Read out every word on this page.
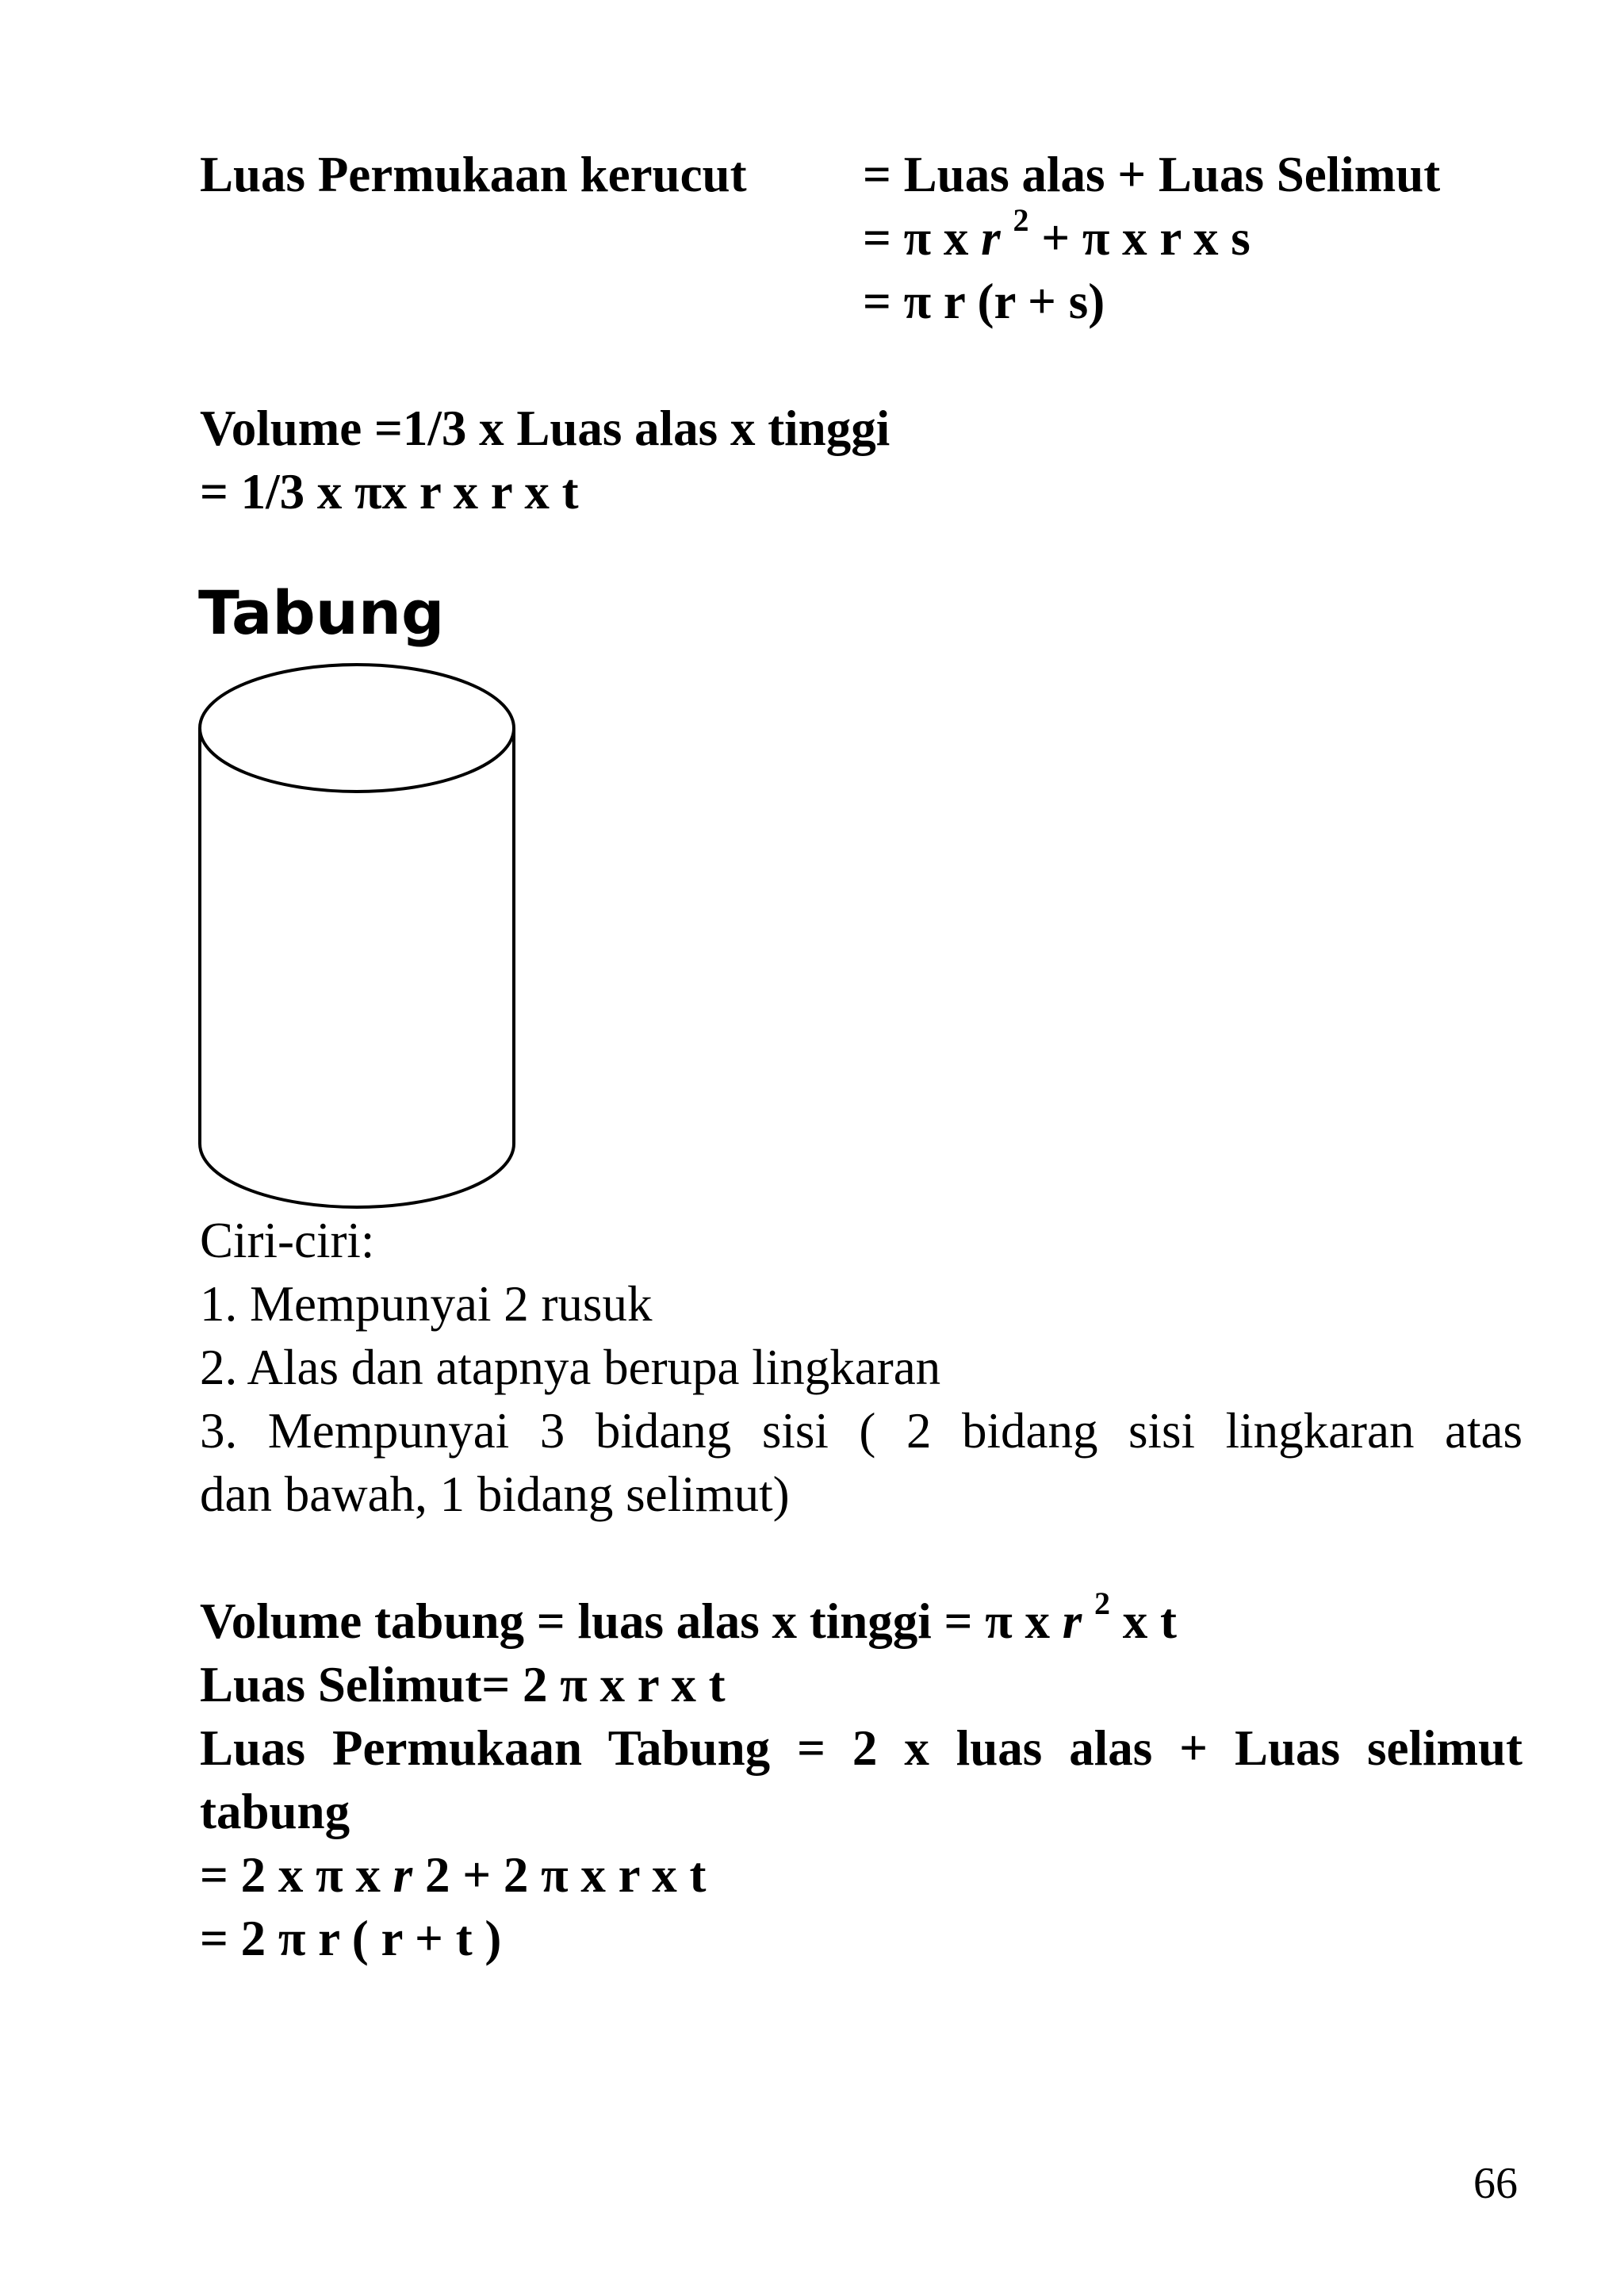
Luas Permukaan kerucut = Luas alas + Luas Selimut
= π x r $^2$ + π x r x s
= π r (r + s)
Volume =1/3 x Luas alas x tinggi
= 1/3 x πx r x r x t
Tabung
Ciri-ciri:
1. Mempunyai 2 rusuk
2. Alas dan atapnya berupa lingkaran
3. Mempunyai 3 bidang sisi ( 2 bidang sisi lingkaran atas
dan bawah, 1 bidang selimut)
Volume tabung = luas alas x tinggi = π x r $^2$ x t
Luas Selimut= 2 π x r x t
Luas Permukaan Tabung = 2 x luas alas + Luas selimut
tabung
= 2 x π x r 2 + 2 π x r x t
= 2 π r ( r + t )
66
